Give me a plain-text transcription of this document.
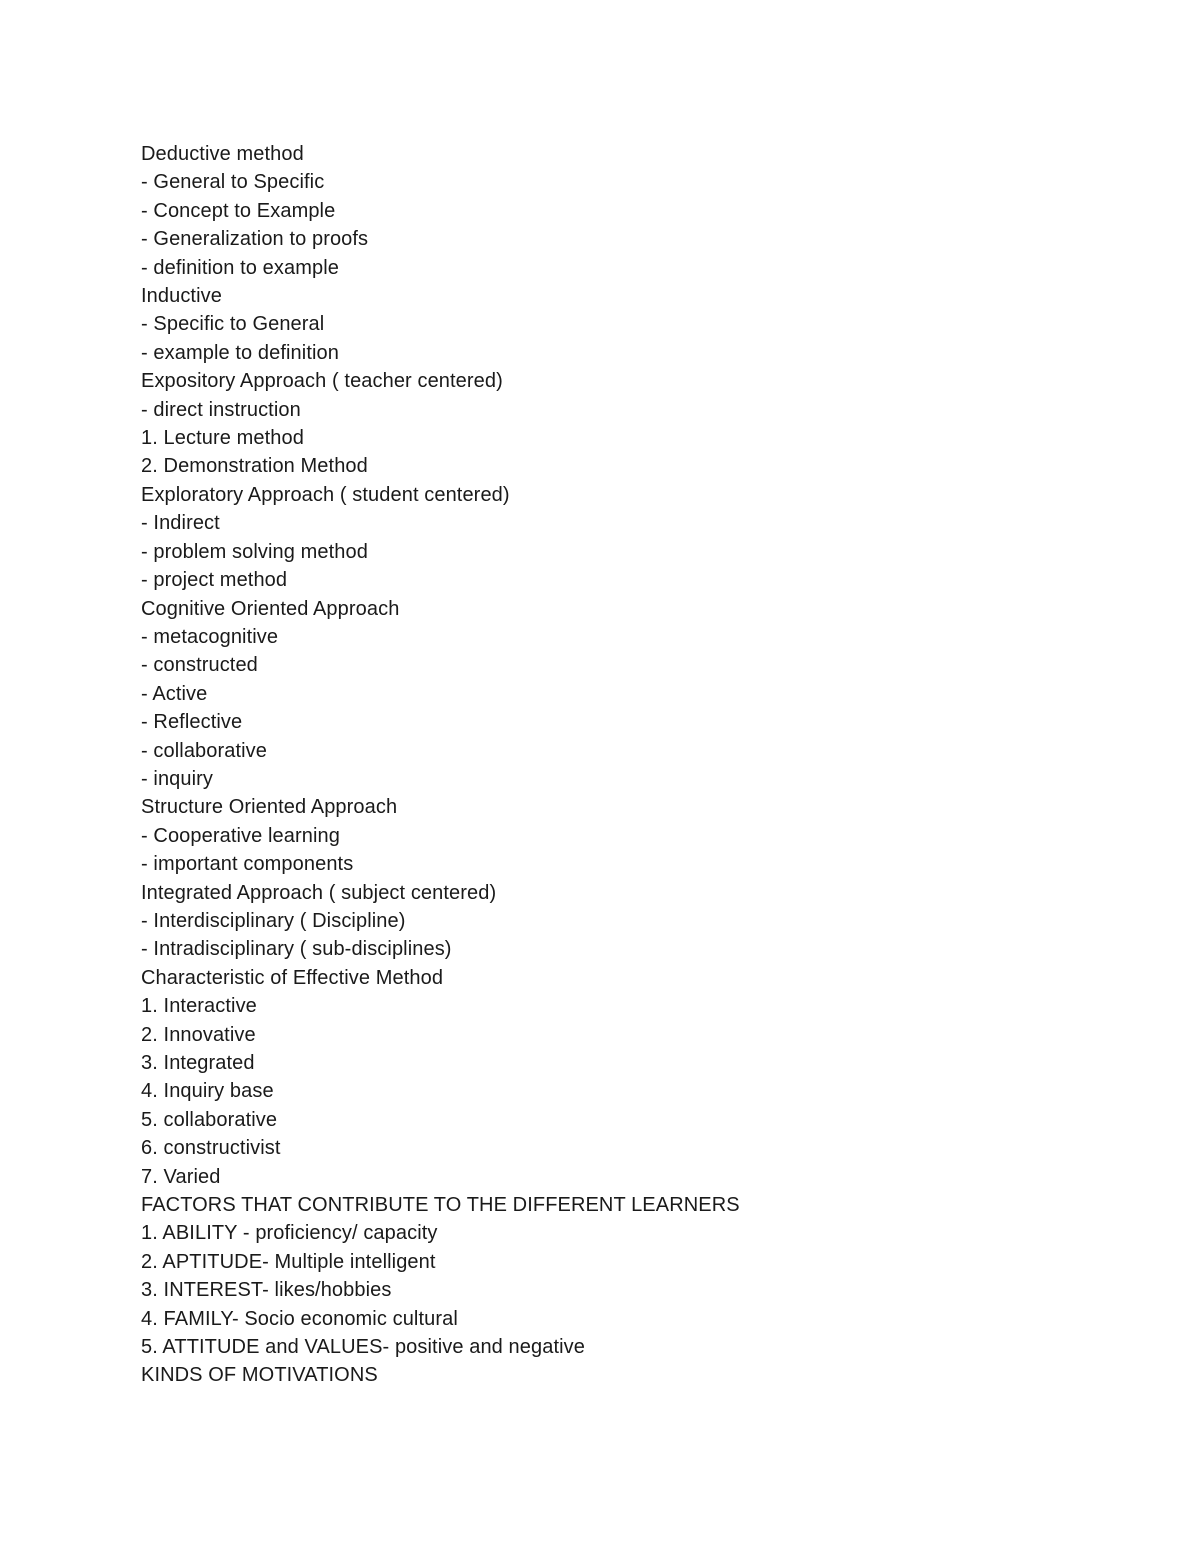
Deductive method
- General to Specific
- Concept to Example
- Generalization to proofs
- definition to example
Inductive
- Specific to General
- example to definition
Expository Approach ( teacher centered)
- direct instruction
1. Lecture method
2. Demonstration Method
Exploratory Approach ( student centered)
- Indirect
- problem solving method
- project method
Cognitive Oriented Approach
- metacognitive
- constructed
- Active
- Reflective
- collaborative
- inquiry
Structure Oriented Approach
- Cooperative learning
- important components
Integrated Approach ( subject centered)
- Interdisciplinary ( Discipline)
- Intradisciplinary ( sub-disciplines)
Characteristic of Effective Method
1. Interactive
2. Innovative
3. Integrated
4. Inquiry base
5. collaborative
6. constructivist
7. Varied
FACTORS THAT CONTRIBUTE TO THE DIFFERENT LEARNERS
1. ABILITY - proficiency/ capacity
2. APTITUDE- Multiple intelligent
3. INTEREST- likes/hobbies
4. FAMILY- Socio economic cultural
5. ATTITUDE and VALUES- positive and negative
KINDS OF MOTIVATIONS
